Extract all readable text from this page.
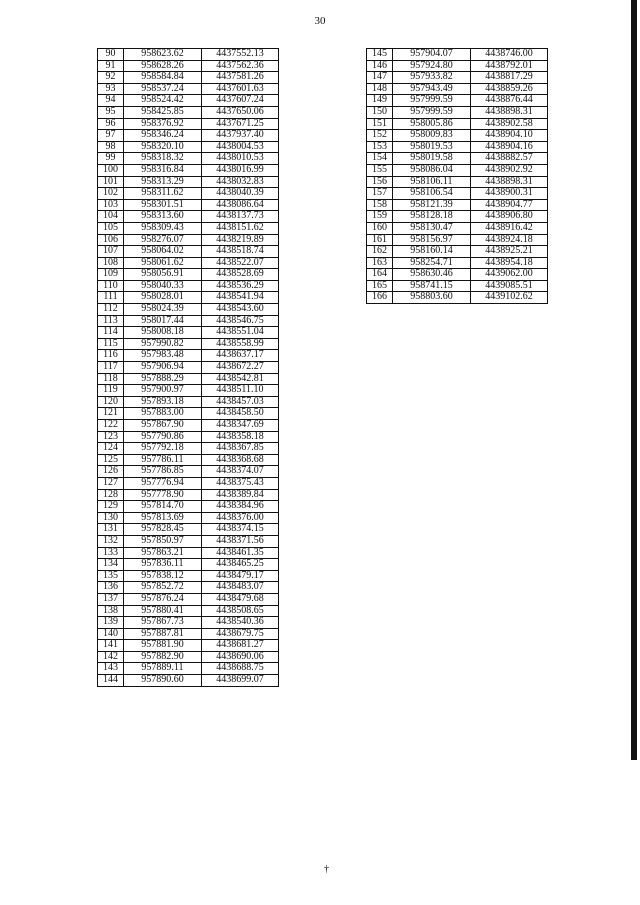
30
90	958623.62	4437552.13
91	958628.26	4437562.36
92	958584.84	4437581.26
93	958537.24	4437601.63
94	958524.42	4437607.24
95	958425.85	4437650.06
96	958376.92	4437671.25
97	958346.24	4437937.40
98	958320.10	4438004.53
99	958318.32	4438010.53
100	958316.84	4438016.99
101	958313.29	4438032.83
102	958311.62	4438040.39
103	958301.51	4438086.64
104	958313.60	4438137.73
105	958309.43	4438151.62
106	958276.07	4438219.89
107	958064.02	4438518.74
108	958061.62	4438522.07
109	958056.91	4438528.69
110	958040.33	4438536.29
111	958028.01	4438541.94
112	958024.39	4438543.60
113	958017.44	4438546.75
114	958008.18	4438551.04
115	957990.82	4438558.99
116	957983.48	4438637.17
117	957906.94	4438672.27
118	957888.29	4438542.81
119	957900.97	4438511.10
120	957893.18	4438457.03
121	957883.00	4438458.50
122	957867.90	4438347.69
123	957790.86	4438358.18
124	957792.18	4438367.85
125	957786.11	4438368.68
126	957786.85	4438374.07
127	957776.94	4438375.43
128	957778.90	4438389.84
129	957814.70	4438384.96
130	957813.69	4438376.00
131	957828.45	4438374.15
132	957850.97	4438371.56
133	957863.21	4438461.35
134	957836.11	4438465.25
135	957838.12	4438479.17
136	957852.72	4438483.07
137	957876.24	4438479.68
138	957880.41	4438508.65
139	957867.73	4438540.36
140	957887.81	4438679.75
141	957881.90	4438681.27
142	957882.90	4438690.06
143	957889.11	4438688.75
144	957890.60	4438699.07
145	957904.07	4438746.00
146	957924.80	4438792.01
147	957933.82	4438817.29
148	957943.49	4438859.26
149	957999.59	4438876.44
150	957999.59	4438898.31
151	958005.86	4438902.58
152	958009.83	4438904.10
153	958019.53	4438904.16
154	958019.58	4438882.57
155	958086.04	4438902.92
156	958106.11	4438898.31
157	958106.54	4438900.31
158	958121.39	4438904.77
159	958128.18	4438906.80
160	958130.47	4438916.42
161	958156.97	4438924.18
162	958160.14	4438925.21
163	958254.71	4438954.18
164	958630.46	4439062.00
165	958741.15	4439085.51
166	958803.60	4439102.62
†
